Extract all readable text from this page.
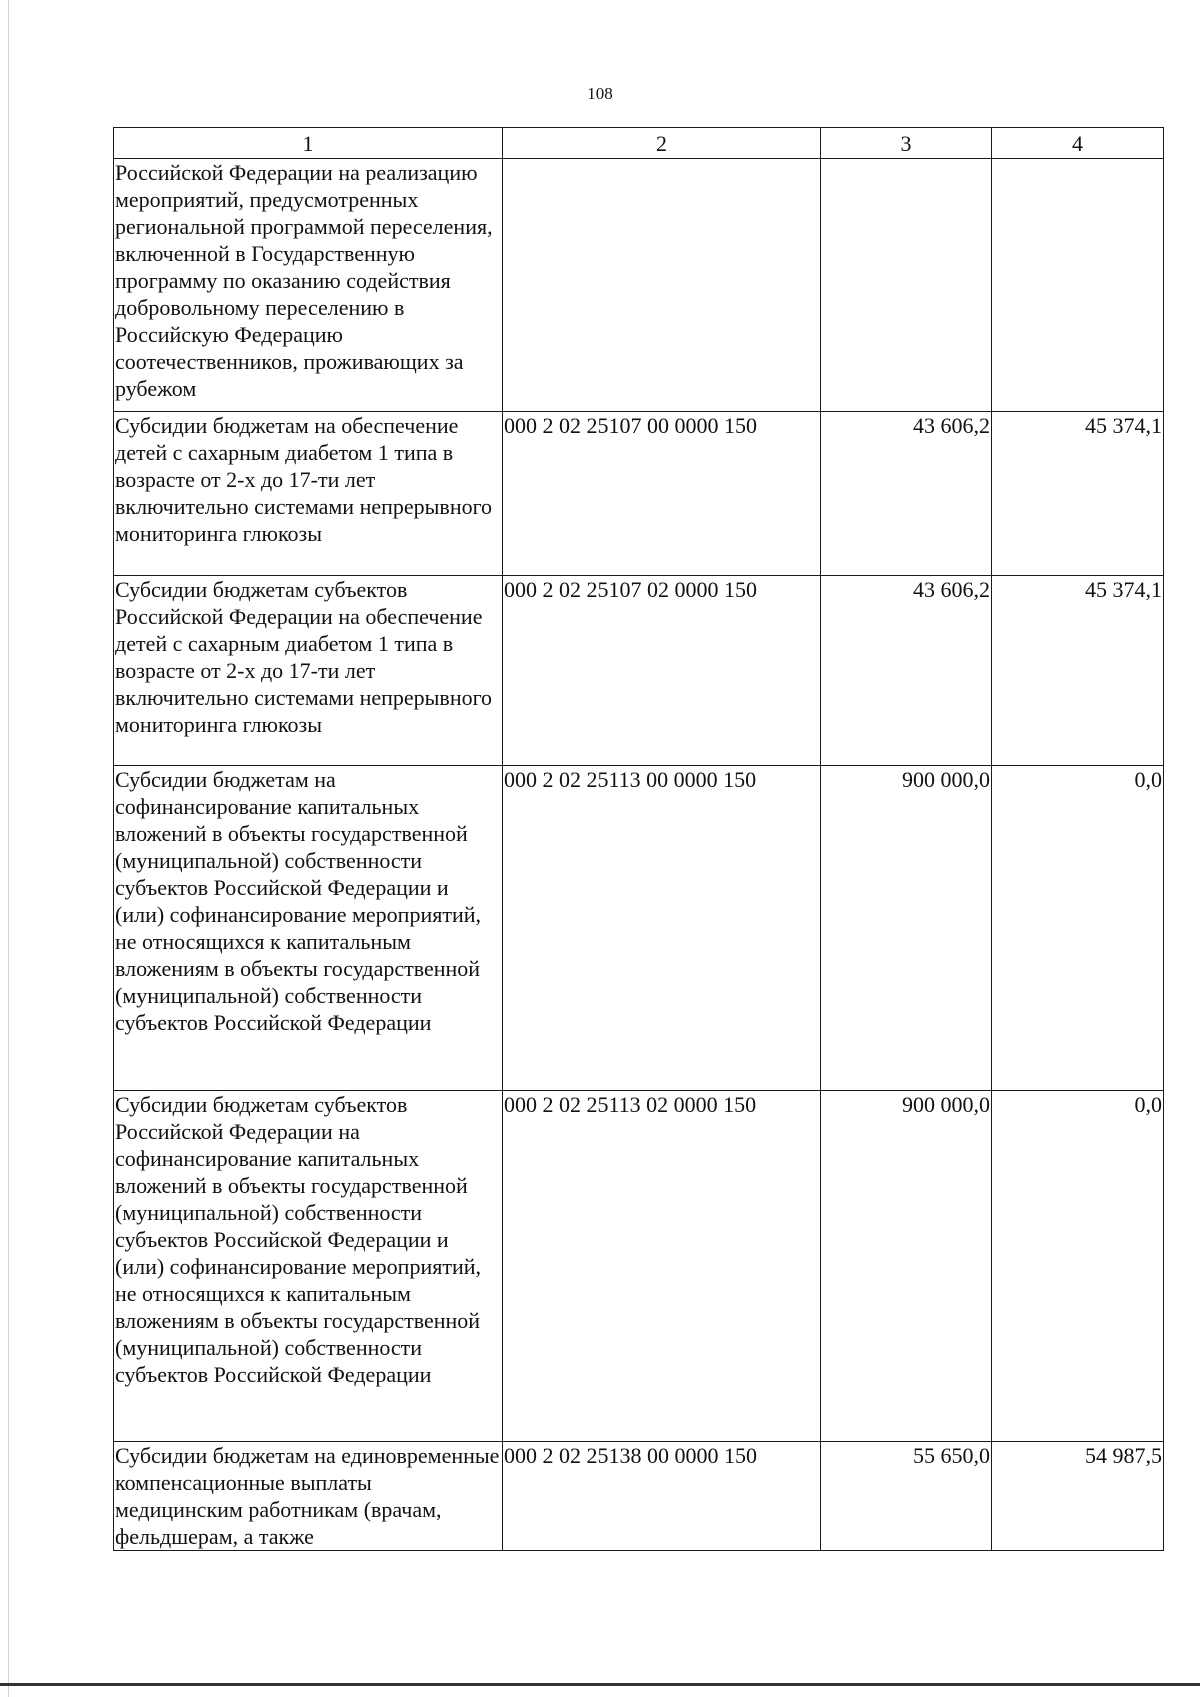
108
1	2	3	4
Российской Федерации на реализацию мероприятий, предусмотренных региональной программой переселения, включенной в Государственную программу по оказанию содействия добровольному переселению в Российскую Федерацию соотечественников, проживающих за рубежом			
Субсидии бюджетам на обеспечение детей с сахарным диабетом 1 типа в возрасте от 2-х до 17-ти лет включительно системами непрерывного мониторинга глюкозы	000 2 02 25107 00 0000 150	43 606,2	45 374,1
Субсидии бюджетам субъектов Российской Федерации на обеспечение детей с сахарным диабетом 1 типа в возрасте от 2-х до 17-ти лет включительно системами непрерывного мониторинга глюкозы	000 2 02 25107 02 0000 150	43 606,2	45 374,1
Субсидии бюджетам на софинансирование капитальных вложений в объекты государственной (муниципальной) собственности субъектов Российской Федерации и (или) софинансирование мероприятий, не относящихся к капитальным вложениям в объекты государственной (муниципальной) собственности субъектов Российской Федерации	000 2 02 25113 00 0000 150	900 000,0	0,0
Субсидии бюджетам субъектов Российской Федерации на софинансирование капитальных вложений в объекты государственной (муниципальной) собственности субъектов Российской Федерации и (или) софинансирование мероприятий, не относящихся к капитальным вложениям в объекты государственной (муниципальной) собственности субъектов Российской Федерации	000 2 02 25113 02 0000 150	900 000,0	0,0
Субсидии бюджетам на единовременные компенсационные выплаты медицинским работникам (врачам, фельдшерам, а также	000 2 02 25138 00 0000 150	55 650,0	54 987,5
